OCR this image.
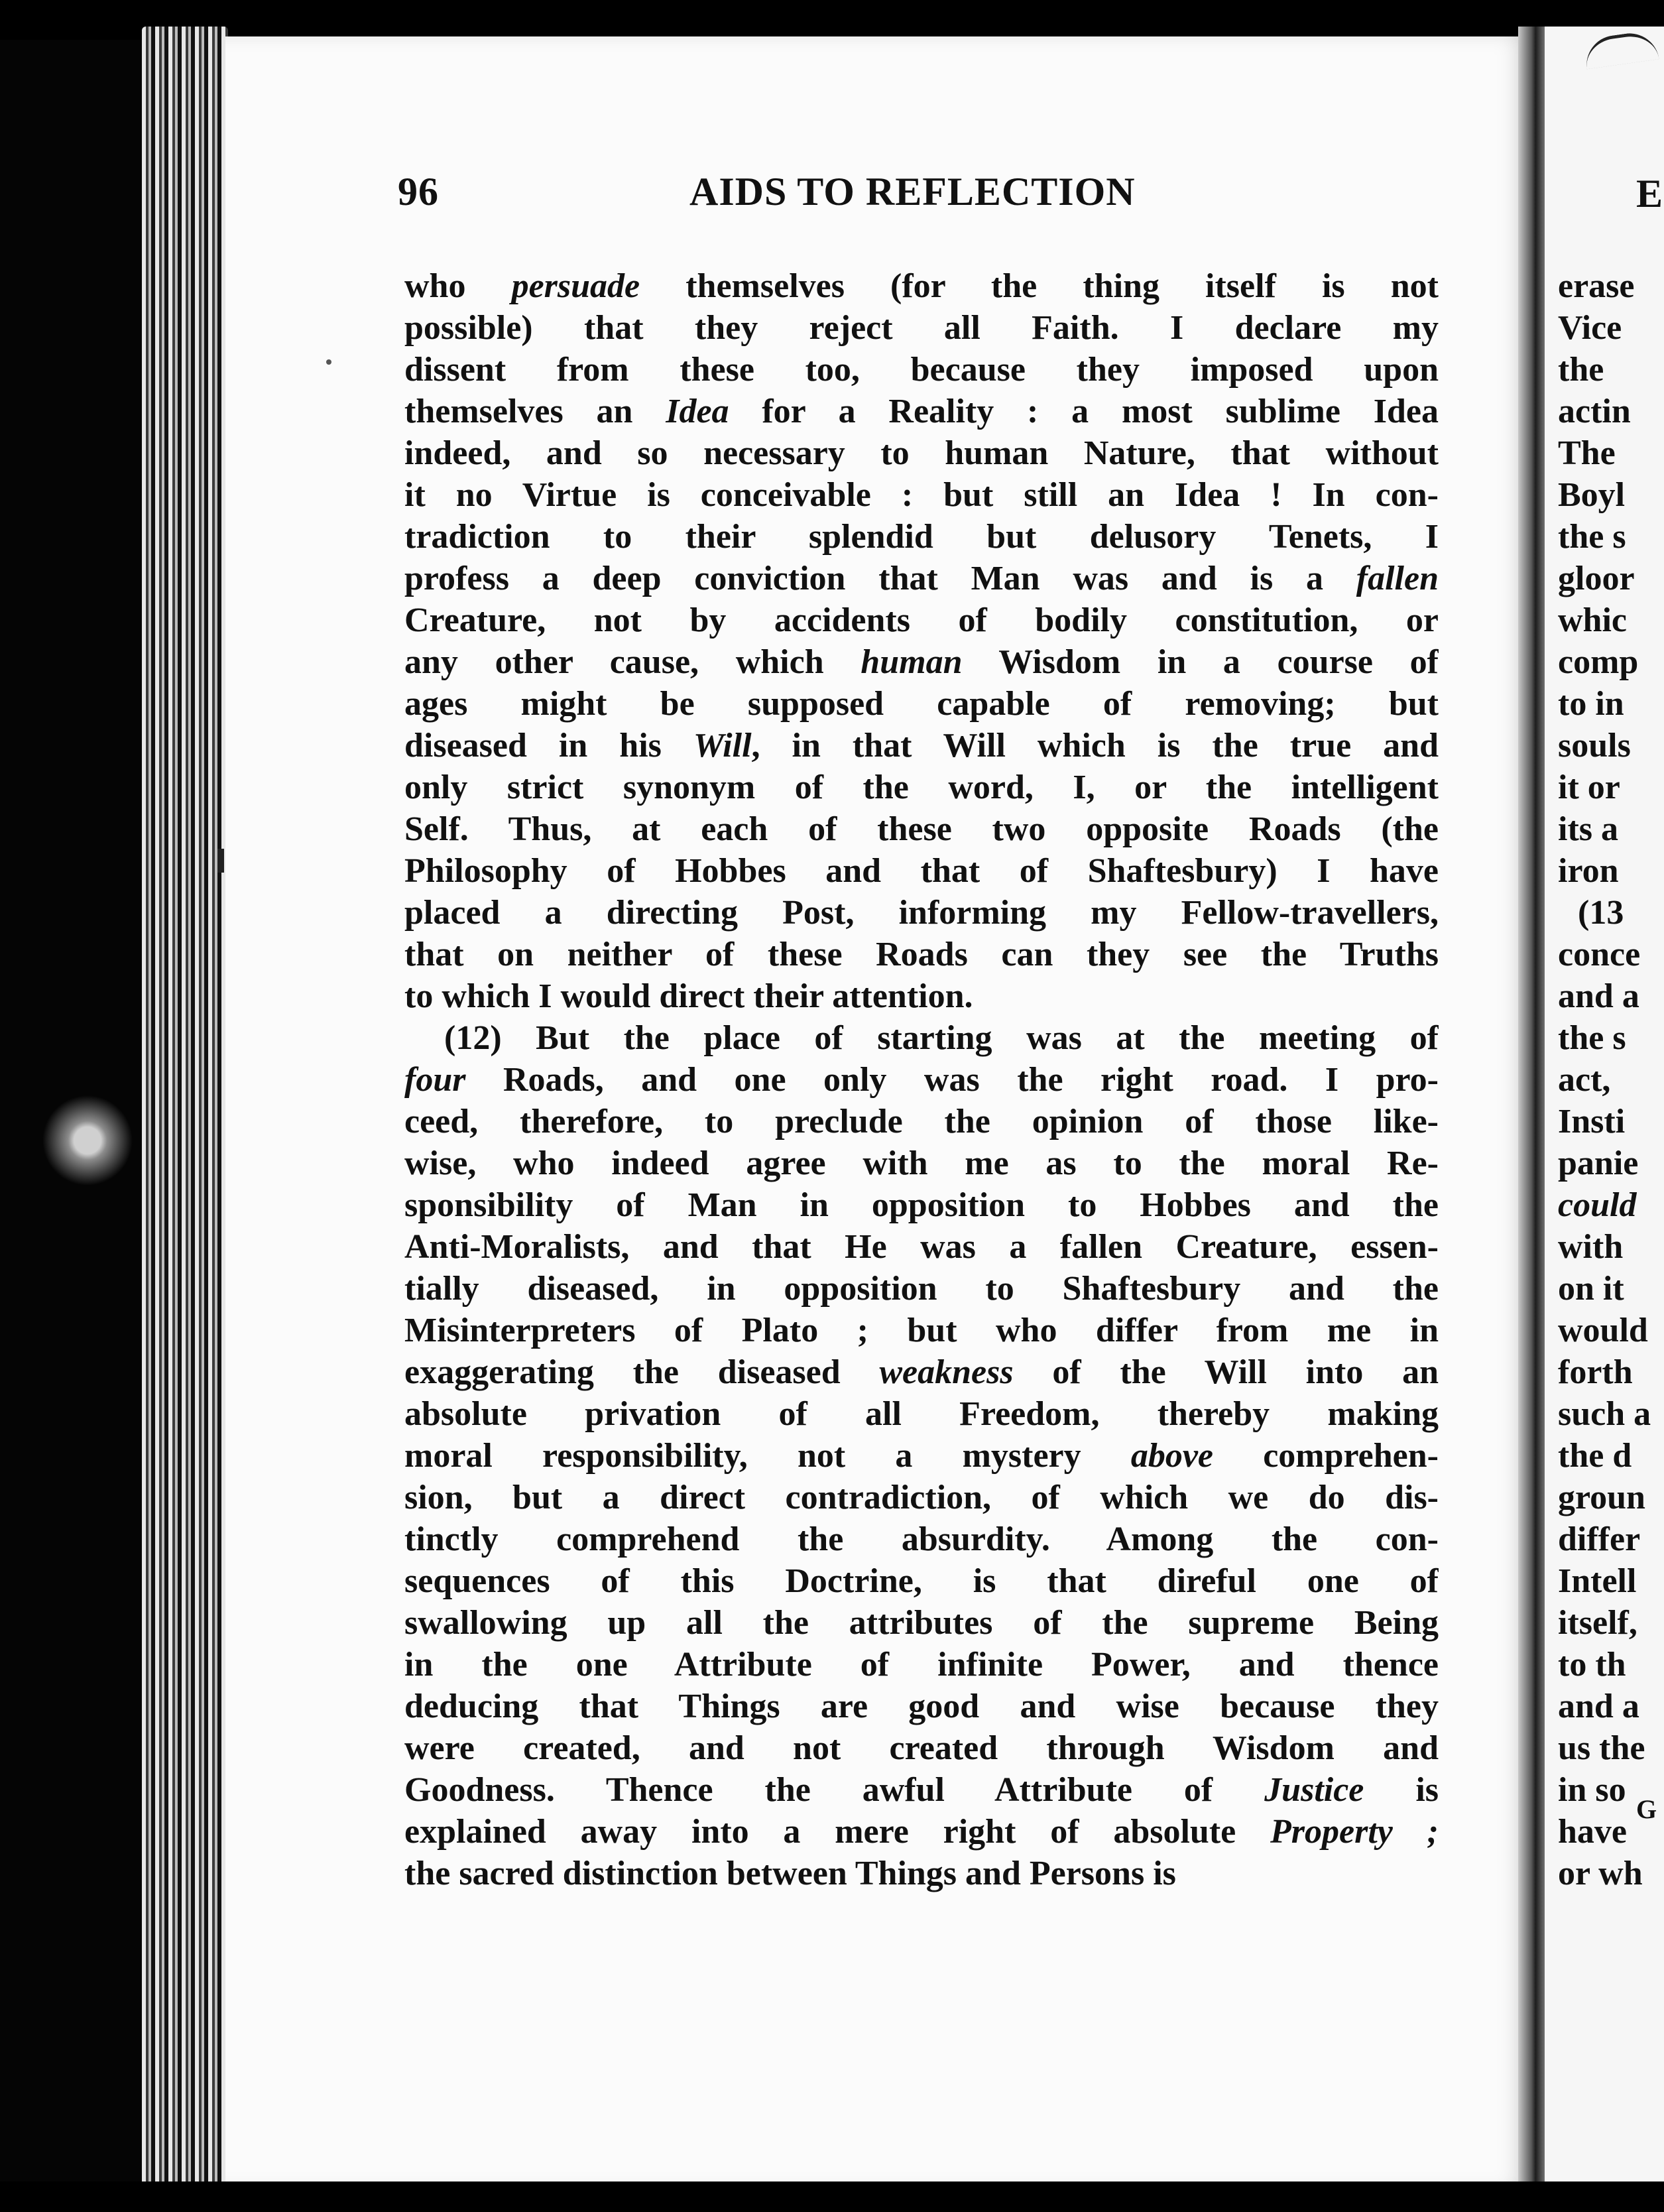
96	AIDS TO REFLECTION
who persuade themselves (for the thing itself is not
possible) that they reject all Faith. I declare my
dissent from these too, because they imposed upon
themselves an Idea for a Reality : a most sublime Idea
indeed, and so necessary to human Nature, that without
it no Virtue is conceivable : but still an Idea ! In con-
tradiction to their splendid but delusory Tenets, I
profess a deep conviction that Man was and is a fallen
Creature, not by accidents of bodily constitution, or
any other cause, which human Wisdom in a course of
ages might be supposed capable of removing; but
diseased in his Will, in that Will which is the true and
only strict synonym of the word, I, or the intelligent
Self. Thus, at each of these two opposite Roads (the
Philosophy of Hobbes and that of Shaftesbury) I have
placed a directing Post, informing my Fellow-travellers,
that on neither of these Roads can they see the Truths
to which I would direct their attention.
(12) But the place of starting was at the meeting of
four Roads, and one only was the right road. I pro-
ceed, therefore, to preclude the opinion of those like-
wise, who indeed agree with me as to the moral Re-
sponsibility of Man in opposition to Hobbes and the
Anti-Moralists, and that He was a fallen Creature, essen-
tially diseased, in opposition to Shaftesbury and the
Misinterpreters of Plato ; but who differ from me in
exaggerating the diseased weakness of the Will into an
absolute privation of all Freedom, thereby making
moral responsibility, not a mystery above comprehen-
sion, but a direct contradiction, of which we do dis-
tinctly comprehend the absurdity. Among the con-
sequences of this Doctrine, is that direful one of
swallowing up all the attributes of the supreme Being
in the one Attribute of infinite Power, and thence
deducing that Things are good and wise because they
were created, and not created through Wisdom and
Goodness. Thence the awful Attribute of Justice is
explained away into a mere right of absolute Property ;
the sacred distinction between Things and Persons is
E
erase
Vice
the
actin
The
Boyl
the s
gloor
whic
comp
to in
souls
it or
its a
iron
(13
conce
and a
the s
act,
Insti
panie
could
with
on it
would
forth
such a
the d
groun
differ
Intell
itself,
to th
and a
us the
in so
have
or wh
G
